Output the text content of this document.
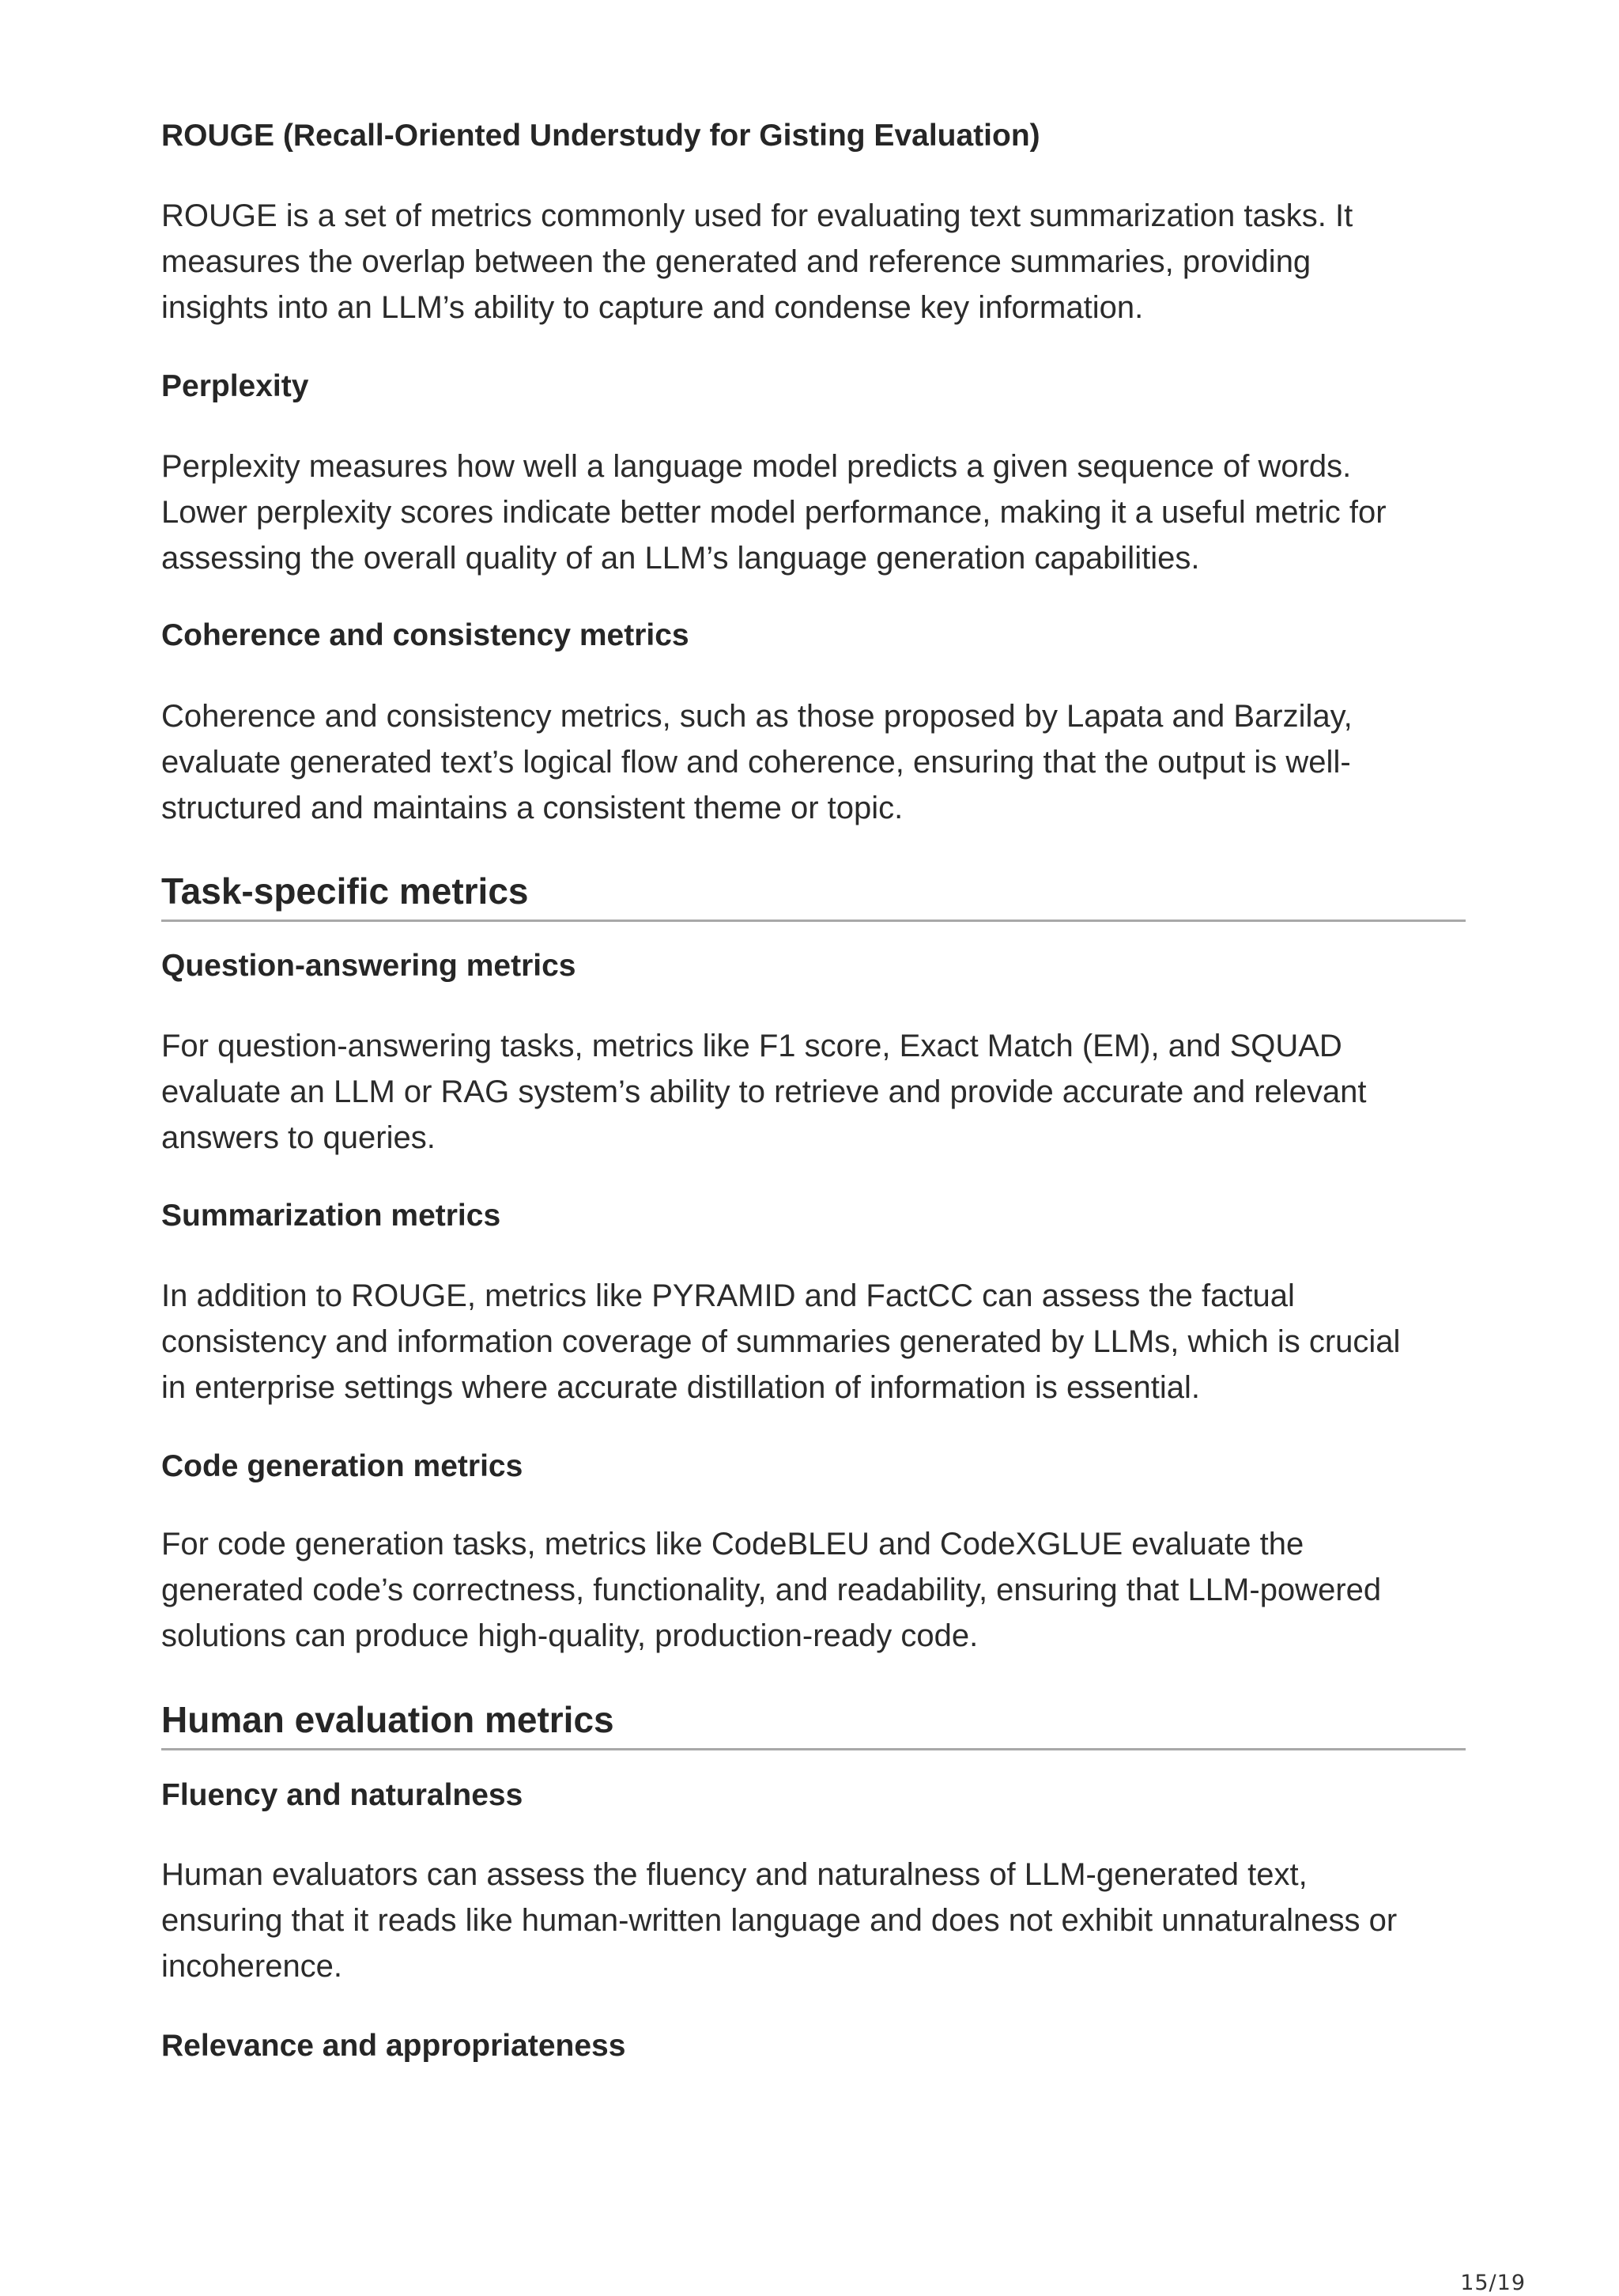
ROUGE (Recall-Oriented Understudy for Gisting Evaluation)

ROUGE is a set of metrics commonly used for evaluating text summarization tasks. It

measures the overlap between the generated and reference summaries, providing

insights into an LLM’s ability to capture and condense key information.

Perplexity

Perplexity measures how well a language model predicts a given sequence of words.

Lower perplexity scores indicate better model performance, making it a useful metric for

assessing the overall quality of an LLM’s language generation capabilities.

Coherence and consistency metrics

Coherence and consistency metrics, such as those proposed by Lapata and Barzilay,

evaluate generated text’s logical flow and coherence, ensuring that the output is well-

structured and maintains a consistent theme or topic.

Task-specific metrics
Question-answering metrics

For question-answering tasks, metrics like F1 score, Exact Match (EM), and SQUAD

evaluate an LLM or RAG system’s ability to retrieve and provide accurate and relevant

answers to queries.

Summarization metrics

In addition to ROUGE, metrics like PYRAMID and FactCC can assess the factual

consistency and information coverage of summaries generated by LLMs, which is crucial

in enterprise settings where accurate distillation of information is essential.

Code generation metrics

For code generation tasks, metrics like CodeBLEU and CodeXGLUE evaluate the

generated code’s correctness, functionality, and readability, ensuring that LLM-powered

solutions can produce high-quality, production-ready code.

Human evaluation metrics
Fluency and naturalness

Human evaluators can assess the fluency and naturalness of LLM-generated text,

ensuring that it reads like human-written language and does not exhibit unnaturalness or

incoherence.

Relevance and appropriateness
15/19
